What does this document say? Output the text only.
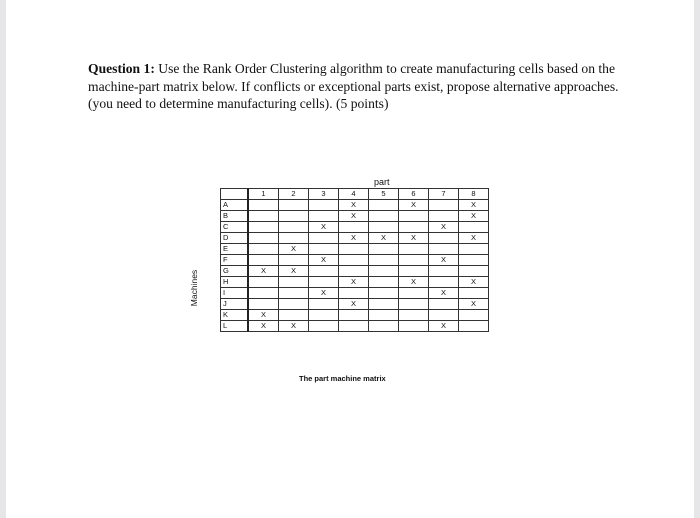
Question 1: Use the Rank Order Clustering algorithm to create manufacturing cells based on the machine-part matrix below. If conflicts or exceptional parts exist, propose alternative approaches. (you need to determine manufacturing cells). (5 points)
part
Machines
	1	2	3	4	5	6	7	8
A				X		X		X
B				X				X
C			X				X	
D				X	X	X		X
E		X						
F			X				X	
G	X	X						
H				X		X		X
I			X				X	
J				X				X
K	X							
L	X	X					X	
The part machine matrix
